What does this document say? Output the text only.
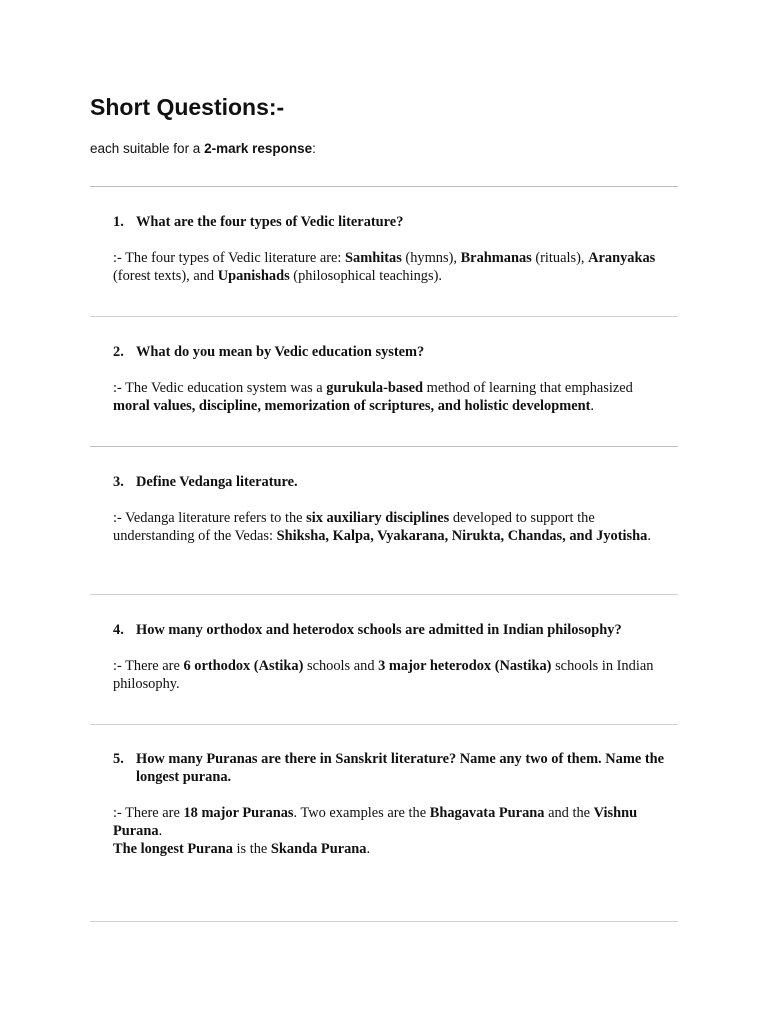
Short Questions:-

each suitable for a 2-mark response:

1. What are the four types of Vedic literature?

:- The four types of Vedic literature are: Samhitas (hymns), Brahmanas (rituals), Aranyakas (forest texts), and Upanishads (philosophical teachings).

2. What do you mean by Vedic education system?

:- The Vedic education system was a gurukula-based method of learning that emphasized moral values, discipline, memorization of scriptures, and holistic development.

3. Define Vedanga literature.

:- Vedanga literature refers to the six auxiliary disciplines developed to support the understanding of the Vedas: Shiksha, Kalpa, Vyakarana, Nirukta, Chandas, and Jyotisha.

4. How many orthodox and heterodox schools are admitted in Indian philosophy?

:- There are 6 orthodox (Astika) schools and 3 major heterodox (Nastika) schools in Indian philosophy.

5. How many Puranas are there in Sanskrit literature? Name any two of them. Name the longest purana.

:- There are 18 major Puranas. Two examples are the Bhagavata Purana and the Vishnu Purana.
The longest Purana is the Skanda Purana.
